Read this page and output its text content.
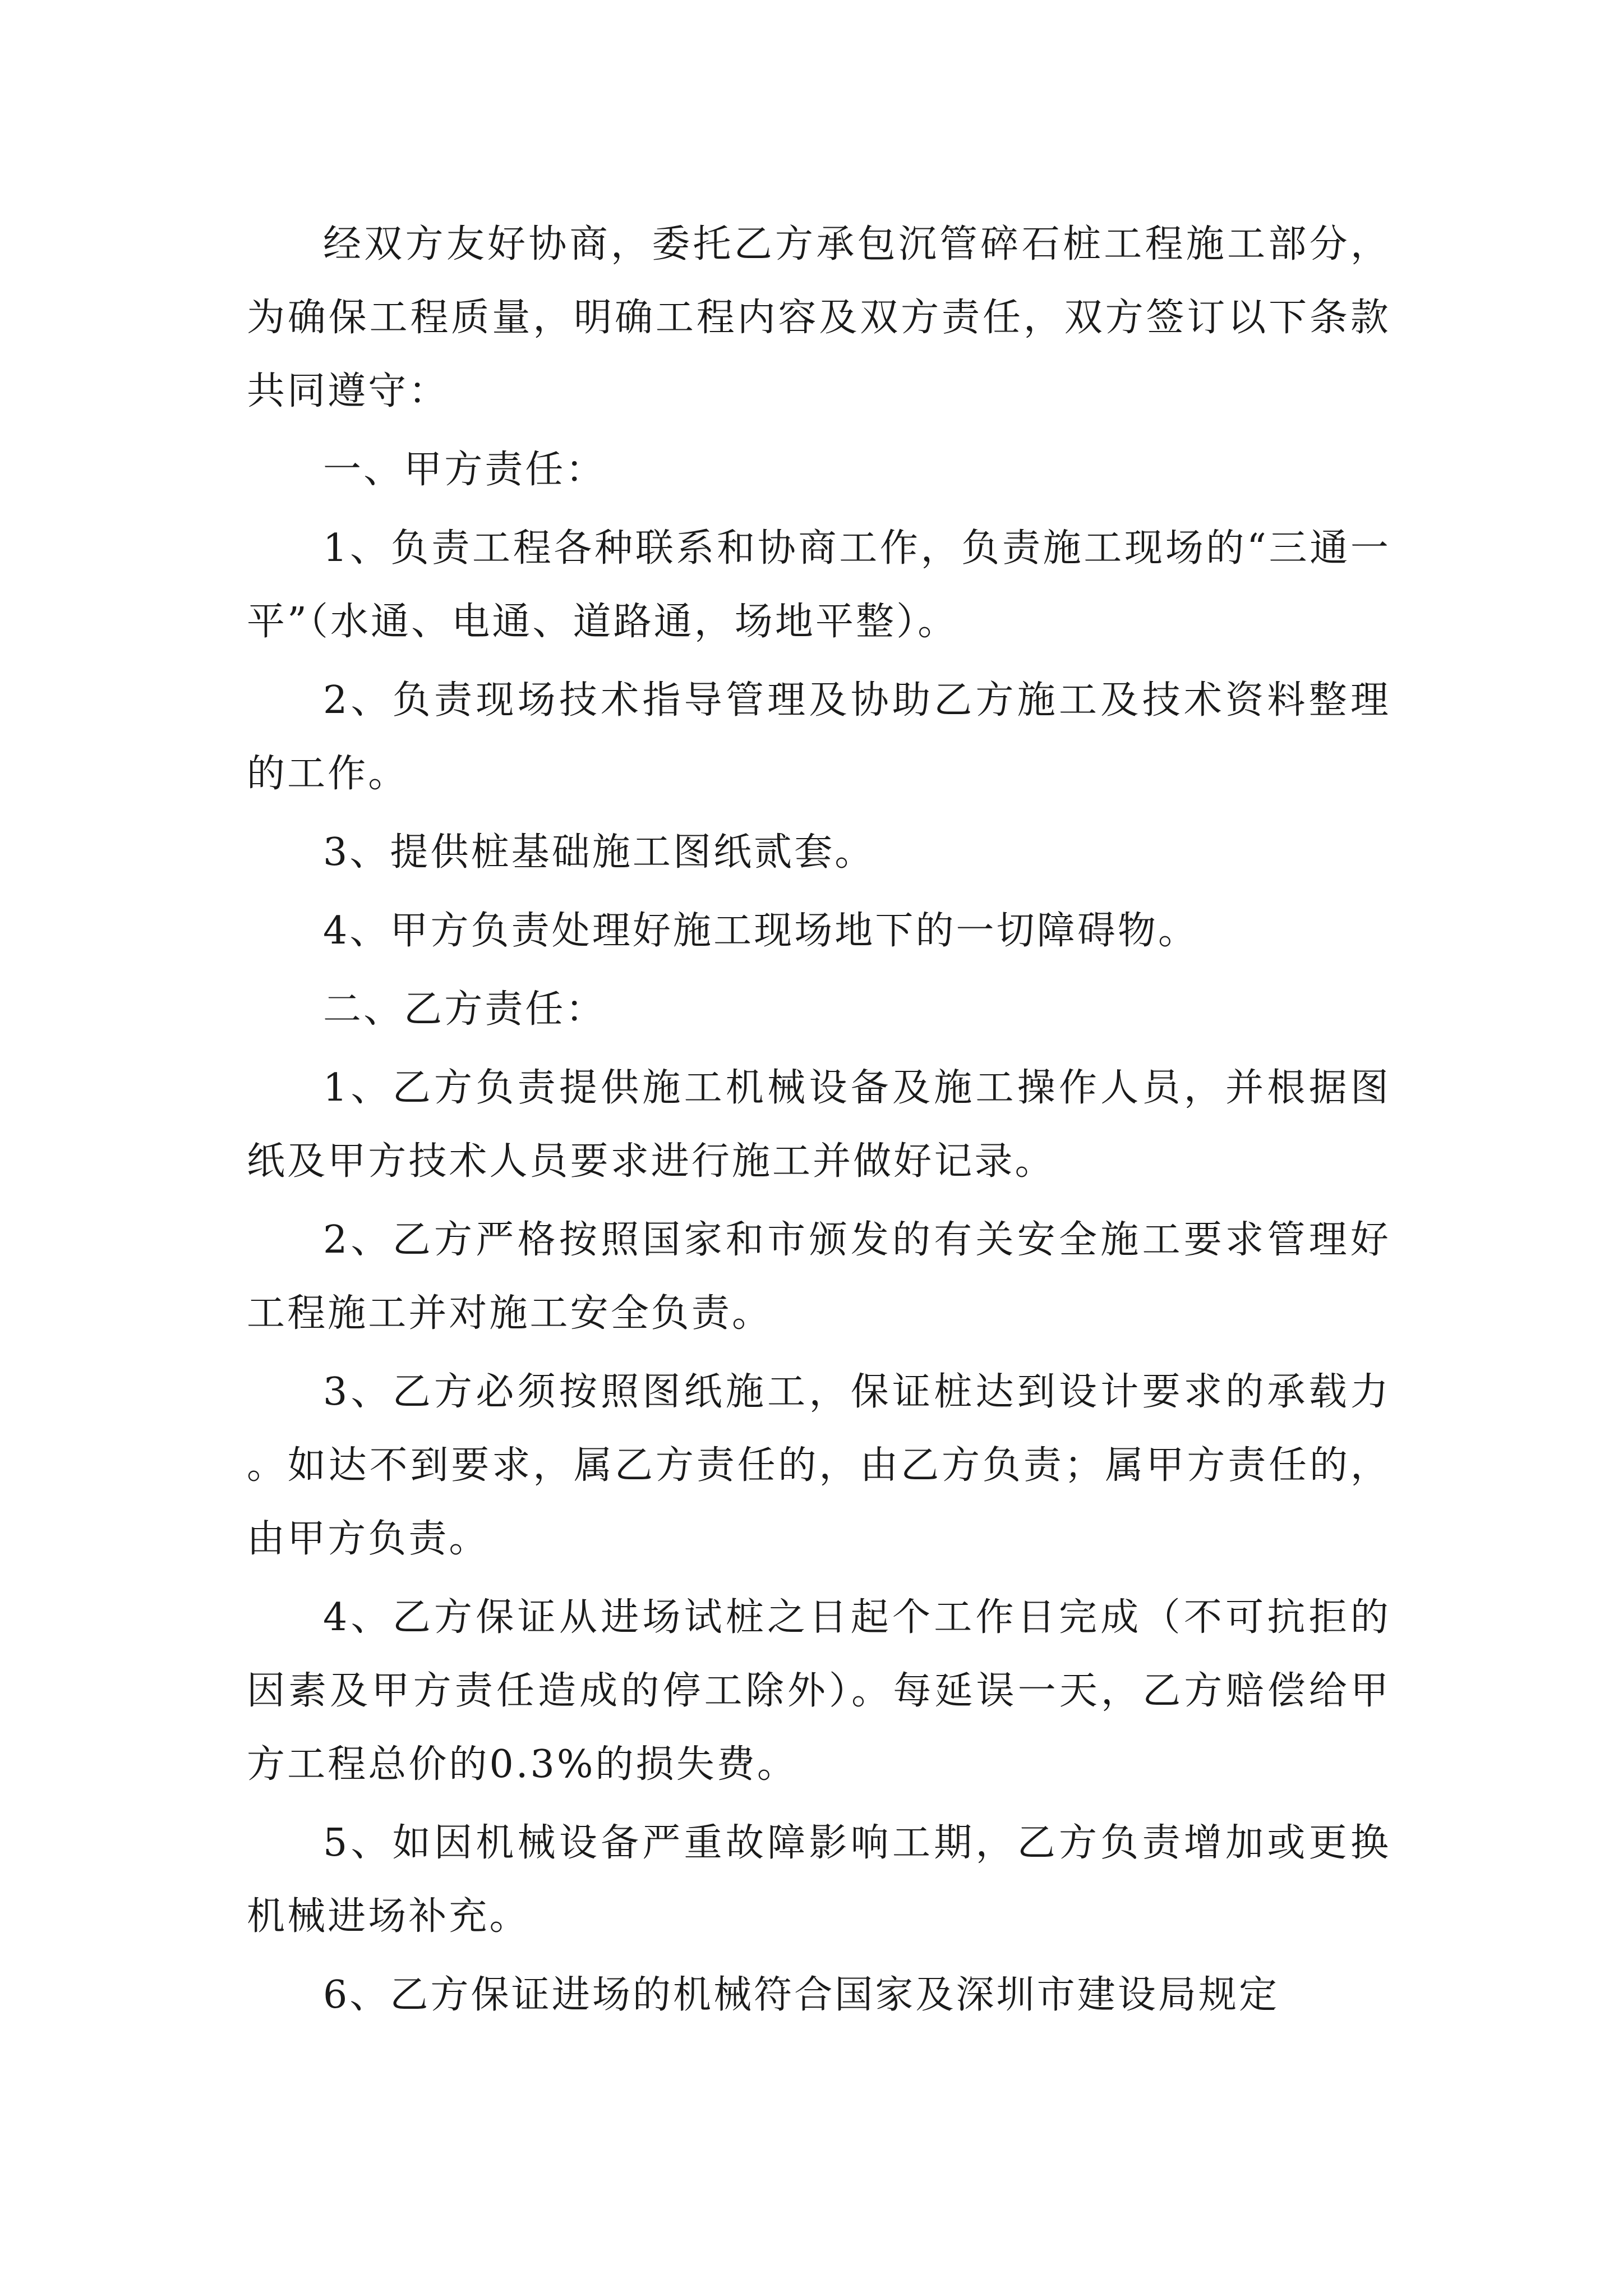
经双方友好协商，委托乙方承包沉管碎石桩工程施工部分，为确保工程质量，明确工程内容及双方责任，双方签订以下条款共同遵守：

一、甲方责任：

1、负责工程各种联系和协商工作，负责施工现场的“三通一平”（水通、电通、道路通，场地平整）。

2、负责现场技术指导管理及协助乙方施工及技术资料整理的工作。

3、提供桩基础施工图纸贰套。

4、甲方负责处理好施工现场地下的一切障碍物。

二、乙方责任：

1、乙方负责提供施工机械设备及施工操作人员，并根据图纸及甲方技术人员要求进行施工并做好记录。

2、乙方严格按照国家和市颁发的有关安全施工要求管理好工程施工并对施工安全负责。

3、乙方必须按照图纸施工，保证桩达到设计要求的承载力。如达不到要求，属乙方责任的，由乙方负责；属甲方责任的，由甲方负责。

4、乙方保证从进场试桩之日起个工作日完成（不可抗拒的因素及甲方责任造成的停工除外）。每延误一天，乙方赔偿给甲方工程总价的0.3%的损失费。

5、如因机械设备严重故障影响工期，乙方负责增加或更换机械进场补充。

6、乙方保证进场的机械符合国家及深圳市建设局规定
